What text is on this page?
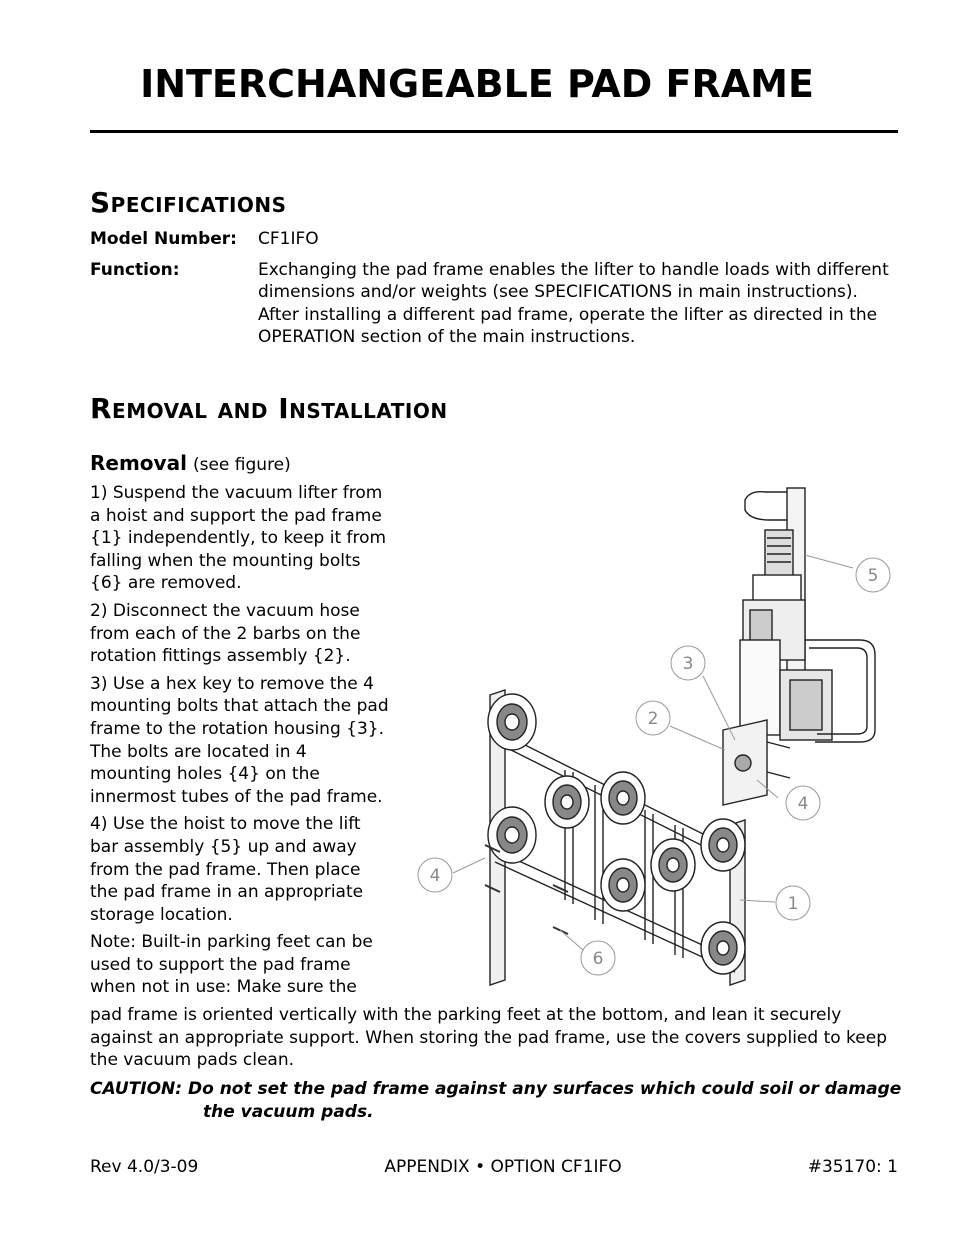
INTERCHANGEABLE PAD FRAME
Specifications
Model Number:	CF1IFO
Function:	Exchanging the pad frame enables the lifter to handle loads with different dimensions and/or weights (see SPECIFICATIONS in main instructions). After installing a different pad frame, operate the lifter as directed in the OPERATION section of the main instructions.
Removal and Installation

Removal (see figure)

1) Suspend the vacuum lifter from a hoist and support the pad frame {1} independently, to keep it from falling when the mounting bolts {6} are removed.

2) Disconnect the vacuum hose from each of the 2 barbs on the rotation fittings assembly {2}.

3) Use a hex key to remove the 4 mounting bolts that attach the pad frame to the rotation housing {3}. The bolts are located in 4 mounting holes {4} on the innermost tubes of the pad frame.

4) Use the hoist to move the lift bar assembly {5} up and away from the pad frame. Then place the pad frame in an appropriate storage location.

Note: Built-in parking feet can be used to support the pad frame when not in use: Make sure the

pad frame is oriented vertically with the parking feet at the bottom, and lean it securely against an appropriate support. When storing the pad frame, use the covers supplied to keep the vacuum pads clean.

CAUTION: Do not set the pad frame against any surfaces which could soil or damage
the vacuum pads.

1
2
3
4
4
5
6
Rev 4.0/3-09	APPENDIX • OPTION CF1IFO	#35170: 1
